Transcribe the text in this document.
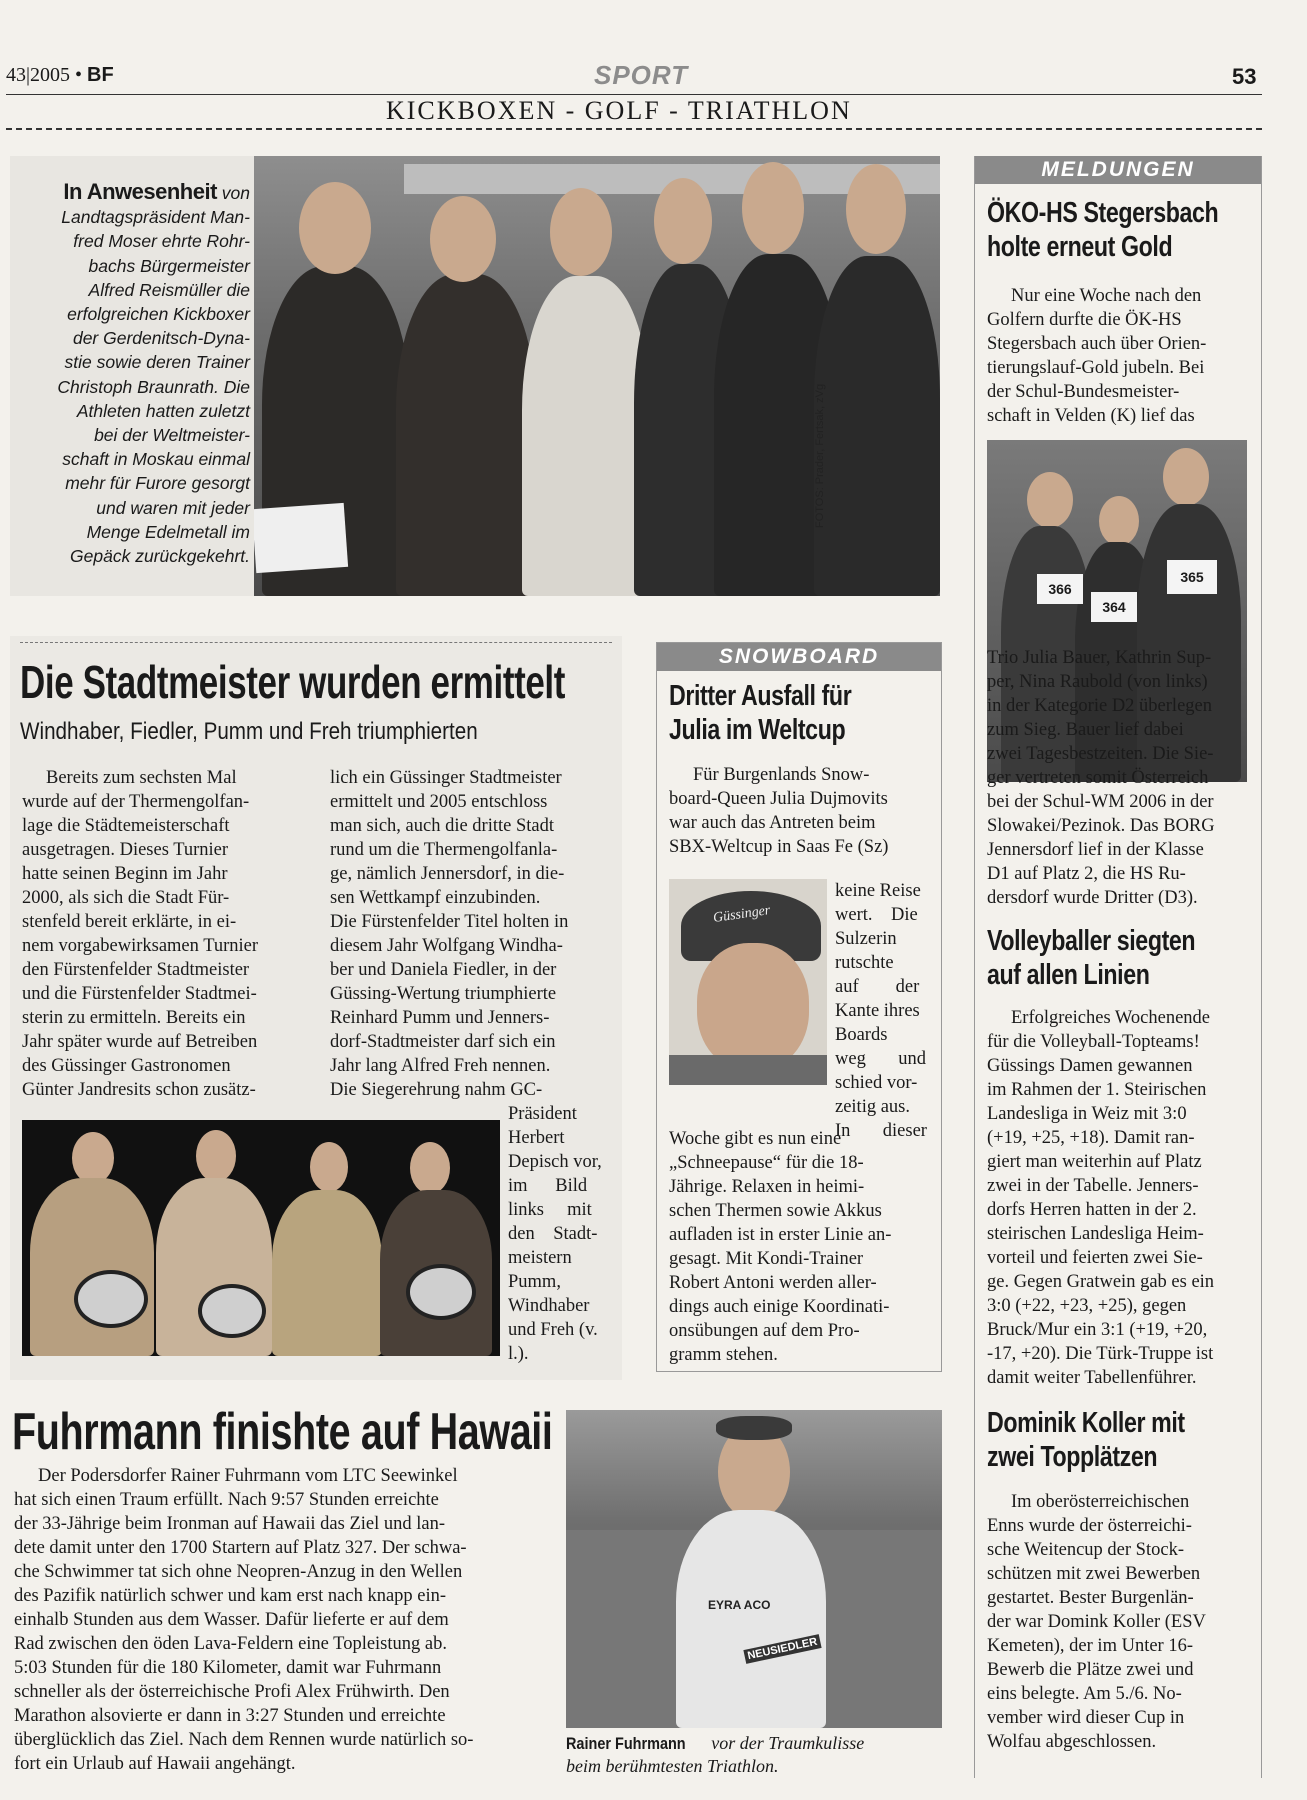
43|2005 • BF	SPORT	53
KICKBOXEN - GOLF - TRIATHLON
In Anwesenheit von
Landtagspräsident Man-
fred Moser ehrte Rohr-
bachs Bürgermeister
Alfred Reismüller die
erfolgreichen Kickboxer
der Gerdenitsch-Dyna-
stie sowie deren Trainer
Christoph Braunrath. Die
Athleten hatten zuletzt
bei der Weltmeister-
schaft in Moskau einmal
mehr für Furore gesorgt
und waren mit jeder
Menge Edelmetall im
Gepäck zurückgekehrt.
FOTOS: Prader, Fertsak, zVg
MELDUNGEN
ÖKO-HS Stegersbach
holte erneut Gold
Nur eine Woche nach den
Golfern durfte die ÖK-HS
Stegersbach auch über Orien-
tierungslauf-Gold jubeln. Bei
der Schul-Bundesmeister-
schaft in Velden (K) lief das
366
364
365
Trio Julia Bauer, Kathrin Sup-
per, Nina Raubold (von links)
in der Kategorie D2 überlegen
zum Sieg. Bauer lief dabei
zwei Tagesbestzeiten. Die Sie-
ger vertreten somit Österreich
bei der Schul-WM 2006 in der
Slowakei/Pezinok. Das BORG
Jennersdorf lief in der Klasse
D1 auf Platz 2, die HS Ru-
dersdorf wurde Dritter (D3).
Volleyballer siegten
auf allen Linien
Erfolgreiches Wochenende
für die Volleyball-Topteams!
Güssings Damen gewannen
im Rahmen der 1. Steirischen
Landesliga in Weiz mit 3:0
(+19, +25, +18). Damit ran-
giert man weiterhin auf Platz
zwei in der Tabelle. Jenners-
dorfs Herren hatten in der 2.
steirischen Landesliga Heim-
vorteil und feierten zwei Sie-
ge. Gegen Gratwein gab es ein
3:0 (+22, +23, +25), gegen
Bruck/Mur ein 3:1 (+19, +20,
-17, +20). Die Türk-Truppe ist
damit weiter Tabellenführer.
Dominik Koller mit
zwei Topplätzen
Im oberösterreichischen
Enns wurde der österreichi-
sche Weitencup der Stock-
schützen mit zwei Bewerben
gestartet. Bester Burgenlän-
der war Domink Koller (ESV
Kemeten), der im Unter 16-
Bewerb die Plätze zwei und
eins belegte. Am 5./6. No-
vember wird dieser Cup in
Wolfau abgeschlossen.
Die Stadtmeister wurden ermittelt
Windhaber, Fiedler, Pumm und Freh triumphierten
Bereits zum sechsten Mal
wurde auf der Thermengolfan-
lage die Städtemeisterschaft
ausgetragen. Dieses Turnier
hatte seinen Beginn im Jahr
2000, als sich die Stadt Für-
stenfeld bereit erklärte, in ei-
nem vorgabewirksamen Turnier
den Fürstenfelder Stadtmeister
und die Fürstenfelder Stadtmei-
sterin zu ermitteln. Bereits ein
Jahr später wurde auf Betreiben
des Güssinger Gastronomen
Günter Jandresits schon zusätz-
lich ein Güssinger Stadtmeister
ermittelt und 2005 entschloss
man sich, auch die dritte Stadt
rund um die Thermengolfanla-
ge, nämlich Jennersdorf, in die-
sen Wettkampf einzubinden.
Die Fürstenfelder Titel holten in
diesem Jahr Wolfgang Windha-
ber und Daniela Fiedler, in der
Güssing-Wertung triumphierte
Reinhard Pumm und Jenners-
dorf-Stadtmeister darf sich ein
Jahr lang Alfred Freh nennen.
Die Siegerehrung nahm GC-
Präsident
Herbert
Depisch vor,
im      Bild
links     mit
den    Stadt-
meistern
Pumm,
Windhaber
und Freh (v.
l.).
SNOWBOARD
Dritter Ausfall für
Julia im Weltcup
Für Burgenlands Snow-
board-Queen Julia Dujmovits
war auch das Antreten beim
SBX-Weltcup in Saas Fe (Sz)
Güssinger
keine Reise
wert.    Die
Sulzerin
rutschte
auf        der
Kante ihres
Boards
weg       und
schied vor-
zeitig aus.
In       dieser
Woche gibt es nun eine
„Schneepause“ für die 18-
Jährige. Relaxen in heimi-
schen Thermen sowie Akkus
aufladen ist in erster Linie an-
gesagt. Mit Kondi-Trainer
Robert Antoni werden aller-
dings auch einige Koordinati-
onsübungen auf dem Pro-
gramm stehen.
Fuhrmann finishte auf Hawaii
Der Podersdorfer Rainer Fuhrmann vom LTC Seewinkel
hat sich einen Traum erfüllt. Nach 9:57 Stunden erreichte
der 33-Jährige beim Ironman auf Hawaii das Ziel und lan-
dete damit unter den 1700 Startern auf Platz 327. Der schwa-
che Schwimmer tat sich ohne Neopren-Anzug in den Wellen
des Pazifik natürlich schwer und kam erst nach knapp ein-
einhalb Stunden aus dem Wasser. Dafür lieferte er auf dem
Rad zwischen den öden Lava-Feldern eine Topleistung ab.
5:03 Stunden für die 180 Kilometer, damit war Fuhrmann
schneller als der österreichische Profi Alex Frühwirth. Den
Marathon alsovierte er dann in 3:27 Stunden und erreichte
überglücklich das Ziel. Nach dem Rennen wurde natürlich so-
fort ein Urlaub auf Hawaii angehängt.
EYRA ACO
NEUSIEDLER
Rainer Fuhrmann vor der Traumkulisse
beim berühmtesten Triathlon.
